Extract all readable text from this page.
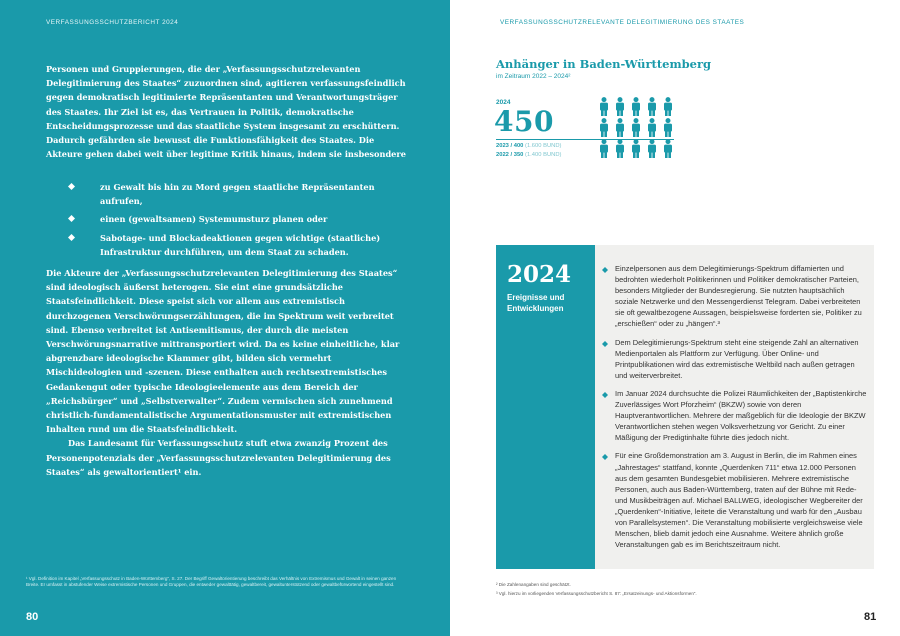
VERFASSUNGSSCHUTZBERICHT 2024
Personen und Gruppierungen, die der „Verfassungsschutzrelevanten Delegitimierung des Staates“ zuzuordnen sind, agitieren verfassungsfeindlich gegen demokratisch legitimierte Repräsentanten und Verantwortungsträger des Staates. Ihr Ziel ist es, das Vertrauen in Politik, demokratische Entscheidungsprozesse und das staatliche System insgesamt zu erschüttern. Dadurch gefährden sie bewusst die Funktionsfähigkeit des Staates. Die Akteure gehen dabei weit über legitime Kritik hinaus, indem sie insbesondere
zu Gewalt bis hin zu Mord gegen staatliche Repräsentanten aufrufen,
einen (gewaltsamen) Systemumsturz planen oder
Sabotage- und Blockadeaktionen gegen wichtige (staatliche) Infrastruktur durchführen, um dem Staat zu schaden.

Die Akteure der „Verfassungsschutzrelevanten Delegitimierung des Staates“ sind ideologisch äußerst heterogen. Sie eint eine grundsätzliche Staatsfeindlichkeit. Diese speist sich vor allem aus extremistisch durchzogenen Verschwörungserzählungen, die im Spektrum weit verbreitet sind. Ebenso verbreitet ist Antisemitismus, der durch die meisten Verschwörungsnarrative mittransportiert wird. Da es keine einheitliche, klar abgrenzbare ideologische Klammer gibt, bilden sich vermehrt Mischideologien und -szenen. Diese enthalten auch rechtsextremistisches Gedankengut oder typische Ideologieelemente aus dem Bereich der „Reichsbürger“ und „Selbstverwalter“. Zudem vermischen sich zunehmend christlich-fundamentalistische Argumentationsmuster mit extremistischen Inhalten rund um die Staatsfeindlichkeit.

Das Landesamt für Verfassungsschutz stuft etwa zwanzig Prozent des Personenpotenzials der „Verfassungsschutzrelevanten Delegitimierung des Staates“ als gewaltorientiert¹ ein.

¹ Vgl. Definition im Kapitel „Verfassungsschutz in Baden-Württemberg“, S. 27. Der Begriff Gewaltorientierung beschreibt das Verhältnis von Extremismus und Gewalt in seinen ganzen Breite. Er umfasst in abstufender Weise extremistische Personen und Gruppen, die entweder gewalttätig, gewaltbereit, gewaltunterstützend oder gewaltbefürwortend eingestellt sind.
80
VERFASSUNGSSCHUTZRELEVANTE DELEGITIMIERUNG DES STAATES
Anhänger in Baden-Württemberg
im Zeitraum 2022 – 2024²
2024
450
2023 / 400 (1.600 BUND)
2022 / 350 (1.400 BUND)
2024
Ereignisse und Entwicklungen
Einzelpersonen aus dem Delegitimierungs-Spektrum diffamierten und bedrohten wiederholt Politikerinnen und Politiker demokratischer Parteien, besonders Mitglieder der Bundesregierung. Sie nutzten hauptsächlich soziale Netzwerke und den Messengerdienst Telegram. Dabei verbreiteten sie oft gewaltbezogene Aussagen, beispielsweise forderten sie, Politiker zu „erschießen“ oder zu „hängen“.³
Dem Delegitimierungs-Spektrum steht eine steigende Zahl an alternativen Medienportalen als Plattform zur Verfügung. Über Online- und Printpublikationen wird das extremistische Weltbild nach außen getragen und weiterverbreitet.
Im Januar 2024 durchsuchte die Polizei Räumlichkeiten der „Baptistenkirche Zuverlässiges Wort Pforzheim“ (BKZW) sowie von deren Hauptverantwortlichen. Mehrere der maßgeblich für die Ideologie der BKZW Verantwortlichen stehen wegen Volksverhetzung vor Gericht. Zu einer Mäßigung der Predigtinhalte führte dies jedoch nicht.
Für eine Großdemonstration am 3. August in Berlin, die im Rahmen eines „Jahrestages“ stattfand, konnte „Querdenken 711“ etwa 12.000 Personen aus dem gesamten Bundesgebiet mobilisieren. Mehrere extremistische Personen, auch aus Baden-Württemberg, traten auf der Bühne mit Rede- und Musikbeiträgen auf. Michael BALLWEG, ideologischer Wegbereiter der „Querdenken“-Initiative, leitete die Veranstaltung und warb für den „Ausbau von Parallelsystemen“. Die Veranstaltung mobilisierte vergleichsweise viele Menschen, blieb damit jedoch eine Ausnahme. Weitere ähnlich große Veranstaltungen gab es im Berichtszeitraum nicht.
² Die Zahlenangaben sind geschätzt.
³ Vgl. hierzu im vorliegenden Verfassungsschutzbericht S. 87: „Ersatzeinungs- und Aktionsformen“.
81
